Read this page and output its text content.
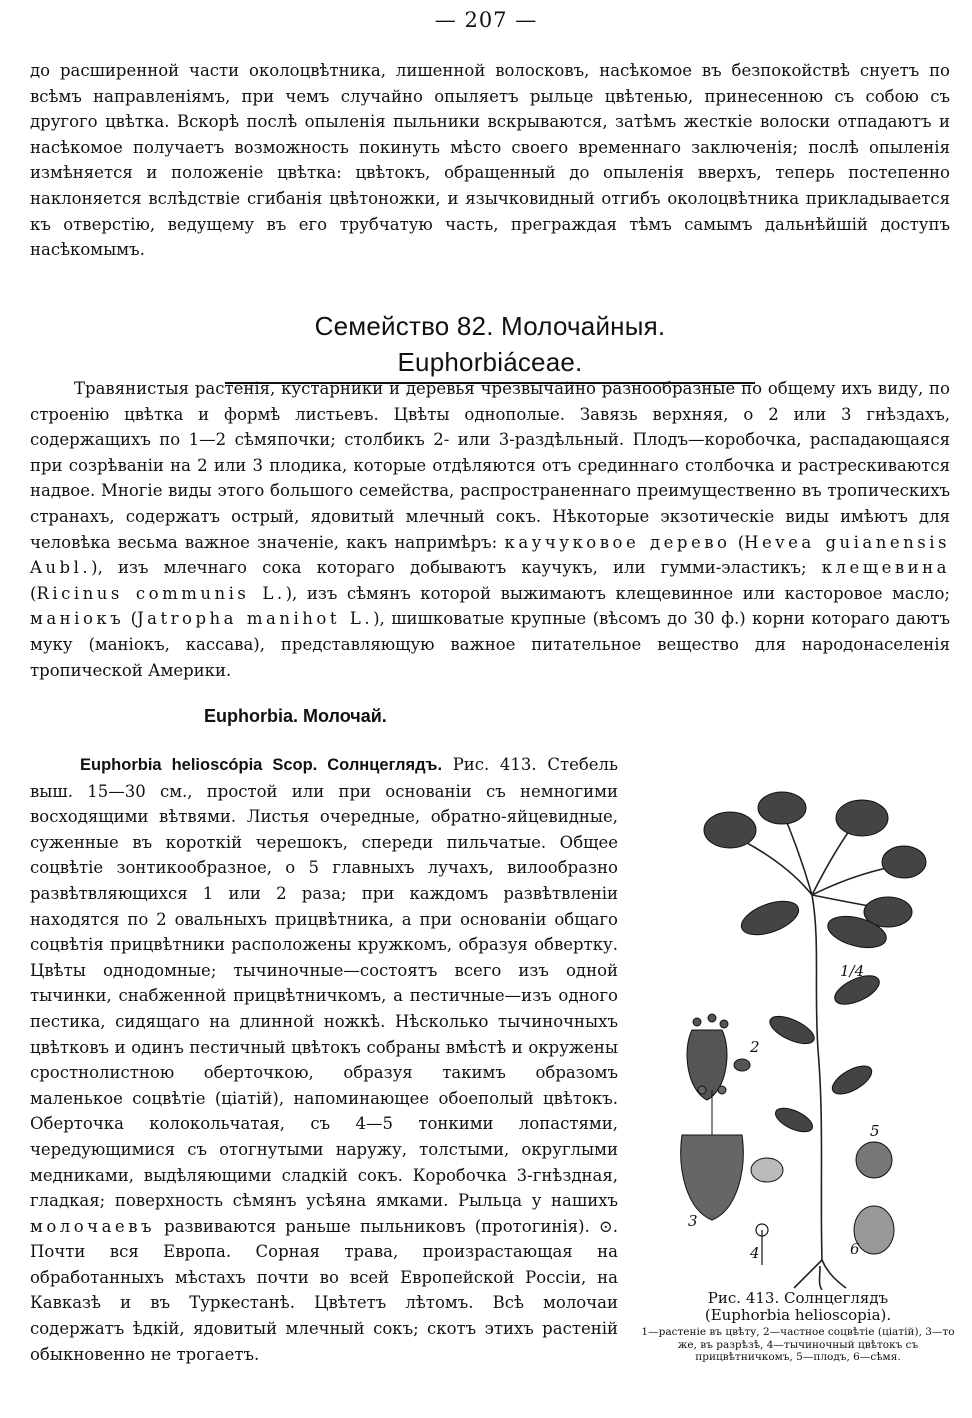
— 207 —

до расширенной части околоцвѣтника, лишенной волосковъ, насѣкомое въ безпокойствѣ снуетъ по всѣмъ направленіямъ, при чемъ случайно опыляетъ рыльце цвѣтенью, принесенною съ собою съ другого цвѣтка. Вскорѣ послѣ опыленія пыльники вскрываются, затѣмъ жесткіе волоски отпадаютъ и насѣкомое получаетъ возможность покинуть мѣсто своего временнаго заключенія; послѣ опыленія измѣняется и положеніе цвѣтка: цвѣтокъ, обращенный до опыленія вверхъ, теперь постепенно наклоняется вслѣдствіе сгибанія цвѣтоножки, и язычковидный отгибъ околоцвѣтника прикладывается къ отверстію, ведущему въ его трубчатую часть, преграждая тѣмъ самымъ дальнѣйшій доступъ насѣкомымъ.

Семейство 82. Молочайныя. Euphorbiáceae.

Травянистыя растенія, кустарники и деревья чрезвычайно разнообразные по общему ихъ виду, по строенію цвѣтка и формѣ листьевъ. Цвѣты однополые. Завязь верхняя, о 2 или 3 гнѣздахъ, содержащихъ по 1—2 сѣмяпочки; столбикъ 2- или 3-раздѣльный. Плодъ—коробочка, распадающаяся при созрѣваніи на 2 или 3 плодика, которые отдѣляются отъ срединнаго столбочка и растрескиваются надвое. Многіе виды этого большого семейства, распространеннаго преимущественно въ тропическихъ странахъ, содержатъ острый, ядовитый млечный сокъ. Нѣкоторые экзотическіе виды имѣютъ для человѣка весьма важное значеніе, какъ напримѣръ: каучуковое дерево (Hevea guianensis Aubl.), изъ млечнаго сока котораго добываютъ каучукъ, или гумми-эластикъ; клещевина (Ricinus communis L.), изъ сѣмянъ которой выжимаютъ клещевинное или касторовое масло; маніокъ (Jatropha manihot L.), шишковатые крупные (вѣсомъ до 30 ф.) корни котораго даютъ муку (маніокъ, кассава), представляющую важное питательное вещество для народонаселенія тропической Америки.

Euphorbia. Молочай.

Euphorbia helioscópia Scop. Солнцеглядъ. Рис. 413. Стебель выш. 15—30 см., простой или при основаніи съ немногими восходящими вѣтвями. Листья очередные, обратно-яйцевидные, суженные въ короткій черешокъ, спереди пильчатые. Общее соцвѣтіе зонтикообразное, о 5 главныхъ лучахъ, вилообразно развѣтвляющихся 1 или 2 раза; при каждомъ развѣтвленіи находятся по 2 овальныхъ прицвѣтника, а при основаніи общаго соцвѣтія прицвѣтники расположены кружкомъ, образуя обвертку. Цвѣты однодомные; тычиночные—состоятъ всего изъ одной тычинки, снабженной прицвѣтничкомъ, а пестичные—изъ одного пестика, сидящаго на длинной ножкѣ. Нѣсколько тычиночныхъ цвѣтковъ и одинъ пестичный цвѣтокъ собраны вмѣстѣ и окружены сростнолистною оберточкою, образуя такимъ образомъ маленькое соцвѣтіе (ціатій), напоминающее обоеполый цвѣтокъ. Оберточка колокольчатая, съ 4—5 тонкими лопастями, чередующимися съ отогнутыми наружу, толстыми, округлыми медниками, выдѣляющими сладкій сокъ. Коробочка 3-гнѣздная, гладкая; поверхность сѣмянъ усѣяна ямками. Рыльца у нашихъ молочаевъ развиваются раньше пыльниковъ (протогинія). ⊙. Почти вся Европа. Сорная трава, произрастающая на обработанныхъ мѣстахъ почти во всей Европейской Россіи, на Кавказѣ и въ Туркестанѣ. Цвѣтетъ лѣтомъ. Всѣ молочаи содержатъ ѣдкій, ядовитый млечный сокъ; скотъ этихъ растеній обыкновенно не трогаетъ.

1/4
2
3
4
5
6
Рис. 413. Солнцеглядъ
(Euphorbia helioscopia).
1—растеніе въ цвѣту, 2—частное соцвѣтіе (ціатій), 3—то же, въ разрѣзѣ, 4—тычиночный цвѣтокъ съ прицвѣтничкомъ, 5—плодъ, 6—сѣмя.
